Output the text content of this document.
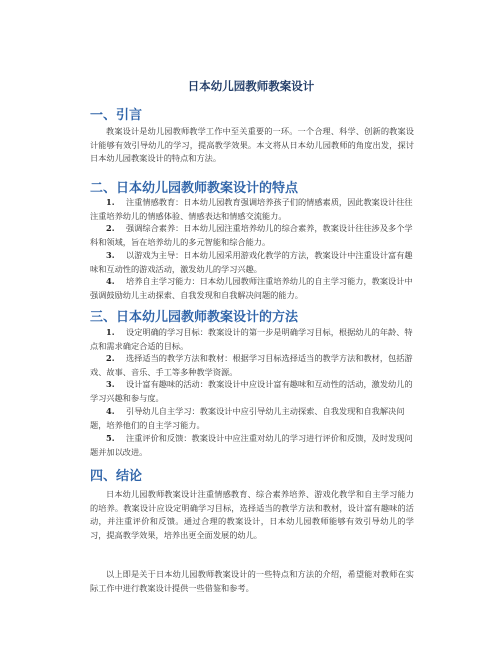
日本幼儿园教师教案设计
一、引言

教案设计是幼儿园教师教学工作中至关重要的一环。一个合理、科学、创新的教案设计能够有效引导幼儿的学习，提高教学效果。本文将从日本幼儿园教师的角度出发，探讨日本幼儿园教案设计的特点和方法。

二、日本幼儿园教师教案设计的特点

1. 注重情感教育：日本幼儿园教育强调培养孩子们的情感素质，因此教案设计往往注重培养幼儿的情感体验、情感表达和情感交流能力。

2. 强调综合素养：日本幼儿园注重培养幼儿的综合素养，教案设计往往涉及多个学科和领域，旨在培养幼儿的多元智能和综合能力。

3. 以游戏为主导：日本幼儿园采用游戏化教学的方法，教案设计中注重设计富有趣味和互动性的游戏活动，激发幼儿的学习兴趣。

4. 培养自主学习能力：日本幼儿园教师注重培养幼儿的自主学习能力，教案设计中强调鼓励幼儿主动探索、自我发现和自我解决问题的能力。

三、日本幼儿园教师教案设计的方法

1. 设定明确的学习目标：教案设计的第一步是明确学习目标，根据幼儿的年龄、特点和需求确定合适的目标。

2. 选择适当的教学方法和教材：根据学习目标选择适当的教学方法和教材，包括游戏、故事、音乐、手工等多种教学资源。

3. 设计富有趣味的活动：教案设计中应设计富有趣味和互动性的活动，激发幼儿的学习兴趣和参与度。

4. 引导幼儿自主学习：教案设计中应引导幼儿主动探索、自我发现和自我解决问题，培养他们的自主学习能力。

5. 注重评价和反馈：教案设计中应注重对幼儿的学习进行评价和反馈，及时发现问题并加以改进。

四、结论

日本幼儿园教师教案设计注重情感教育、综合素养培养、游戏化教学和自主学习能力的培养。教案设计应设定明确学习目标，选择适当的教学方法和教材，设计富有趣味的活动，并注重评价和反馈。通过合理的教案设计，日本幼儿园教师能够有效引导幼儿的学习，提高教学效果，培养出更全面发展的幼儿。

以上即是关于日本幼儿园教师教案设计的一些特点和方法的介绍，希望能对教师在实际工作中进行教案设计提供一些借鉴和参考。
